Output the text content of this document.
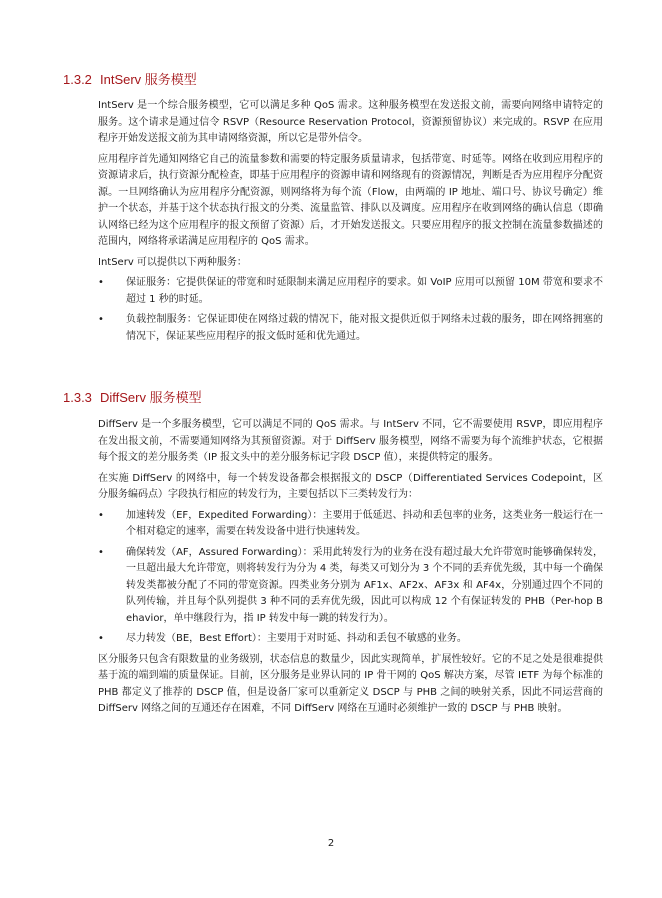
1.3.2 IntServ 服务模型

IntServ 是一个综合服务模型，它可以满足多种 QoS 需求。这种服务模型在发送报文前，需要向网络申请特定的服务。这个请求是通过信令 RSVP（Resource Reservation Protocol，资源预留协议）来完成的。RSVP 在应用程序开始发送报文前为其申请网络资源，所以它是带外信令。

应用程序首先通知网络它自己的流量参数和需要的特定服务质量请求，包括带宽、时延等。网络在收到应用程序的资源请求后，执行资源分配检查，即基于应用程序的资源申请和网络现有的资源情况，判断是否为应用程序分配资源。一旦网络确认为应用程序分配资源，则网络将为每个流（Flow，由两端的 IP 地址、端口号、协议号确定）维护一个状态，并基于这个状态执行报文的分类、流量监管、排队以及调度。应用程序在收到网络的确认信息（即确认网络已经为这个应用程序的报文预留了资源）后，才开始发送报文。只要应用程序的报文控制在流量参数描述的范围内，网络将承诺满足应用程序的 QoS 需求。

IntServ 可以提供以下两种服务：

• 保证服务：它提供保证的带宽和时延限制来满足应用程序的要求。如 VoIP 应用可以预留 10M 带宽和要求不超过 1 秒的时延。
• 负载控制服务：它保证即使在网络过载的情况下，能对报文提供近似于网络未过载的服务，即在网络拥塞的情况下，保证某些应用程序的报文低时延和优先通过。
1.3.3 DiffServ 服务模型

DiffServ 是一个多服务模型，它可以满足不同的 QoS 需求。与 IntServ 不同，它不需要使用 RSVP，即应用程序在发出报文前，不需要通知网络为其预留资源。对于 DiffServ 服务模型，网络不需要为每个流维护状态，它根据每个报文的差分服务类（IP 报文头中的差分服务标记字段 DSCP 值），来提供特定的服务。

在实施 DiffServ 的网络中，每一个转发设备都会根据报文的 DSCP（Differentiated Services Codepoint，区分服务编码点）字段执行相应的转发行为，主要包括以下三类转发行为：

• 加速转发（EF，Expedited Forwarding）：主要用于低延迟、抖动和丢包率的业务，这类业务一般运行在一个相对稳定的速率，需要在转发设备中进行快速转发。
• 确保转发（AF，Assured Forwarding）：采用此转发行为的业务在没有超过最大允许带宽时能够确保转发，一旦超出最大允许带宽，则将转发行为分为 4 类，每类又可划分为 3 个不同的丢弃优先级，其中每一个确保转发类都被分配了不同的带宽资源。四类业务分别为 AF1x、AF2x、AF3x 和 AF4x，分别通过四个不同的队列传输，并且每个队列提供 3 种不同的丢弃优先级，因此可以构成 12 个有保证转发的 PHB（Per-hop Behavior，单中继段行为，指 IP 转发中每一跳的转发行为）。
• 尽力转发（BE，Best Effort）：主要用于对时延、抖动和丢包不敏感的业务。

区分服务只包含有限数量的业务级别，状态信息的数量少，因此实现简单，扩展性较好。它的不足之处是很难提供基于流的端到端的质量保证。目前，区分服务是业界认同的 IP 骨干网的 QoS 解决方案，尽管 IETF 为每个标准的 PHB 都定义了推荐的 DSCP 值，但是设备厂家可以重新定义 DSCP 与 PHB 之间的映射关系，因此不同运营商的 DiffServ 网络之间的互通还存在困难，不同 DiffServ 网络在互通时必须维护一致的 DSCP 与 PHB 映射。

2
